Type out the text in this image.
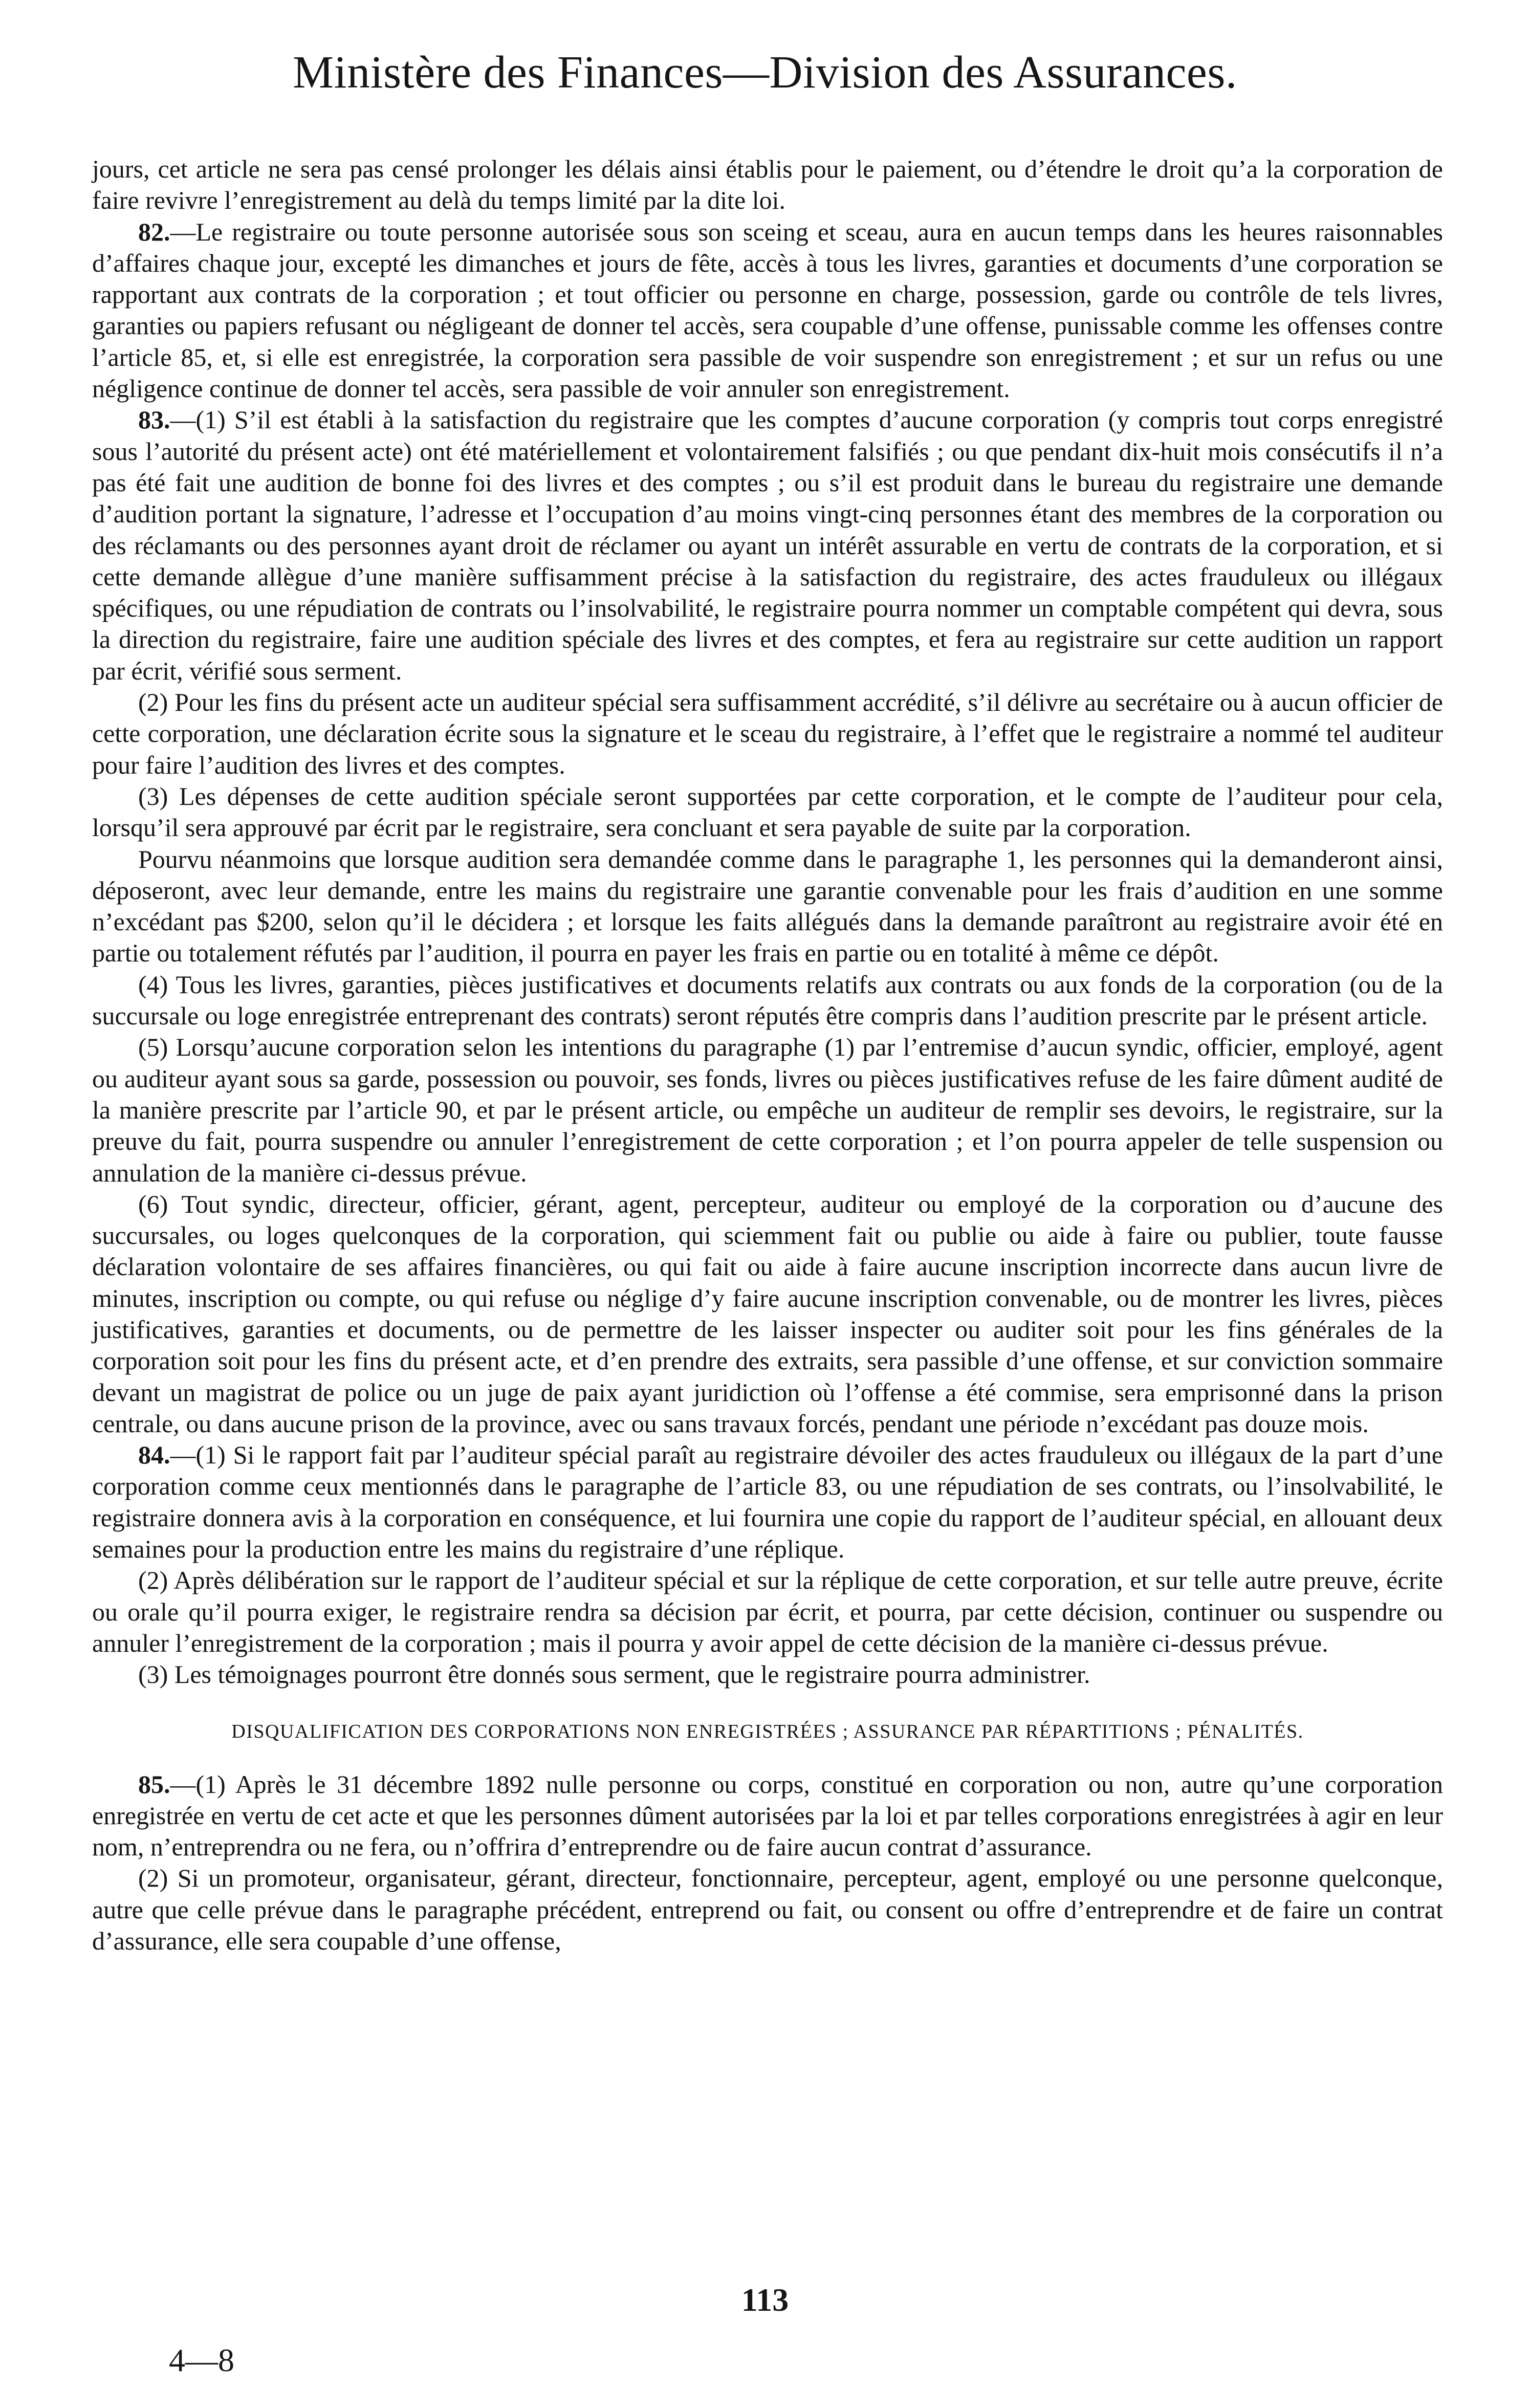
Ministère des Finances—Division des Assurances.

jours, cet article ne sera pas censé prolonger les délais ainsi établis pour le paiement, ou d’étendre le droit qu’a la corporation de faire revivre l’enregistrement au delà du temps limité par la dite loi.

82.—Le registraire ou toute personne autorisée sous son sceing et sceau, aura en aucun temps dans les heures raisonnables d’affaires chaque jour, excepté les dimanches et jours de fête, accès à tous les livres, garanties et documents d’une corporation se rapportant aux contrats de la corporation ; et tout officier ou personne en charge, possession, garde ou contrôle de tels livres, garanties ou papiers refusant ou négligeant de donner tel accès, sera coupable d’une offense, punissable comme les offenses contre l’article 85, et, si elle est enregistrée, la corporation sera passible de voir suspendre son enregistrement ; et sur un refus ou une négligence continue de donner tel accès, sera passible de voir annuler son enregistrement.

83.—(1) S’il est établi à la satisfaction du registraire que les comptes d’aucune corporation (y compris tout corps enregistré sous l’autorité du présent acte) ont été matériellement et volontairement falsifiés ; ou que pendant dix-huit mois consécutifs il n’a pas été fait une audition de bonne foi des livres et des comptes ; ou s’il est produit dans le bureau du registraire une demande d’audition portant la signature, l’adresse et l’occupation d’au moins vingt-cinq personnes étant des membres de la corporation ou des réclamants ou des personnes ayant droit de réclamer ou ayant un intérêt assurable en vertu de contrats de la corporation, et si cette demande allègue d’une manière suffisamment précise à la satisfaction du registraire, des actes frauduleux ou illégaux spécifiques, ou une répudiation de contrats ou l’insolvabilité, le registraire pourra nommer un comptable compétent qui devra, sous la direction du registraire, faire une audition spéciale des livres et des comptes, et fera au registraire sur cette audition un rapport par écrit, vérifié sous serment.

(2) Pour les fins du présent acte un auditeur spécial sera suffisamment accrédité, s’il délivre au secrétaire ou à aucun officier de cette corporation, une déclaration écrite sous la signature et le sceau du registraire, à l’effet que le registraire a nommé tel auditeur pour faire l’audition des livres et des comptes.

(3) Les dépenses de cette audition spéciale seront supportées par cette corporation, et le compte de l’auditeur pour cela, lorsqu’il sera approuvé par écrit par le registraire, sera concluant et sera payable de suite par la corporation.

Pourvu néanmoins que lorsque audition sera demandée comme dans le paragraphe 1, les personnes qui la demanderont ainsi, déposeront, avec leur demande, entre les mains du registraire une garantie convenable pour les frais d’audition en une somme n’excédant pas $200, selon qu’il le décidera ; et lorsque les faits allégués dans la demande paraîtront au registraire avoir été en partie ou totalement réfutés par l’audition, il pourra en payer les frais en partie ou en totalité à même ce dépôt.

(4) Tous les livres, garanties, pièces justificatives et documents relatifs aux contrats ou aux fonds de la corporation (ou de la succursale ou loge enregistrée entreprenant des contrats) seront réputés être compris dans l’audition prescrite par le présent article.

(5) Lorsqu’aucune corporation selon les intentions du paragraphe (1) par l’entremise d’aucun syndic, officier, employé, agent ou auditeur ayant sous sa garde, possession ou pouvoir, ses fonds, livres ou pièces justificatives refuse de les faire dûment audité de la manière prescrite par l’article 90, et par le présent article, ou empêche un auditeur de remplir ses devoirs, le registraire, sur la preuve du fait, pourra suspendre ou annuler l’enregistrement de cette corporation ; et l’on pourra appeler de telle suspension ou annulation de la manière ci-dessus prévue.

(6) Tout syndic, directeur, officier, gérant, agent, percepteur, auditeur ou employé de la corporation ou d’aucune des succursales, ou loges quelconques de la corporation, qui sciemment fait ou publie ou aide à faire ou publier, toute fausse déclaration volontaire de ses affaires financières, ou qui fait ou aide à faire aucune inscription incorrecte dans aucun livre de minutes, inscription ou compte, ou qui refuse ou néglige d’y faire aucune inscription convenable, ou de montrer les livres, pièces justificatives, garanties et documents, ou de permettre de les laisser inspecter ou auditer soit pour les fins générales de la corporation soit pour les fins du présent acte, et d’en prendre des extraits, sera passible d’une offense, et sur conviction sommaire devant un magistrat de police ou un juge de paix ayant juridiction où l’offense a été commise, sera emprisonné dans la prison centrale, ou dans aucune prison de la province, avec ou sans travaux forcés, pendant une période n’excédant pas douze mois.

84.—(1) Si le rapport fait par l’auditeur spécial paraît au registraire dévoiler des actes frauduleux ou illégaux de la part d’une corporation comme ceux mentionnés dans le paragraphe de l’article 83, ou une répudiation de ses contrats, ou l’insolvabilité, le registraire donnera avis à la corporation en conséquence, et lui fournira une copie du rapport de l’auditeur spécial, en allouant deux semaines pour la production entre les mains du registraire d’une réplique.

(2) Après délibération sur le rapport de l’auditeur spécial et sur la réplique de cette corporation, et sur telle autre preuve, écrite ou orale qu’il pourra exiger, le registraire rendra sa décision par écrit, et pourra, par cette décision, continuer ou suspendre ou annuler l’enregistrement de la corporation ; mais il pourra y avoir appel de cette décision de la manière ci-dessus prévue.

(3) Les témoignages pourront être donnés sous serment, que le registraire pourra administrer.

DISQUALIFICATION DES CORPORATIONS NON ENREGISTRÉES ; ASSURANCE PAR RÉPARTITIONS ; PÉNALITÉS.

85.—(1) Après le 31 décembre 1892 nulle personne ou corps, constitué en corporation ou non, autre qu’une corporation enregistrée en vertu de cet acte et que les personnes dûment autorisées par la loi et par telles corporations enregistrées à agir en leur nom, n’entreprendra ou ne fera, ou n’offrira d’entreprendre ou de faire aucun contrat d’assurance.

(2) Si un promoteur, organisateur, gérant, directeur, fonctionnaire, percepteur, agent, employé ou une personne quelconque, autre que celle prévue dans le paragraphe précédent, entreprend ou fait, ou consent ou offre d’entreprendre et de faire un contrat d’assurance, elle sera coupable d’une offense,

113
4—8
